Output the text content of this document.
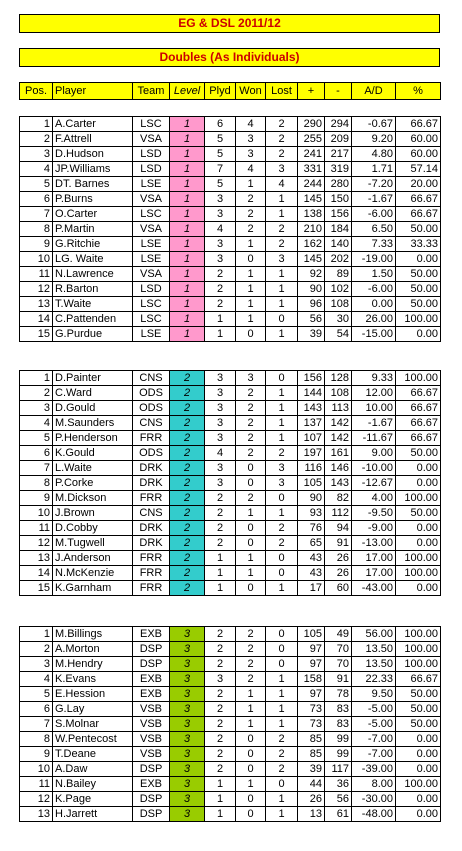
EG & DSL 2011/12
Doubles (As Individuals)
Pos.	Player	Team	Level	Plyd	Won	Lost	+	-	A/D	%
1	A.Carter	LSC	1	6	4	2	290	294	-0.67	66.67
2	F.Attrell	VSA	1	5	3	2	255	209	9.20	60.00
3	D.Hudson	LSD	1	5	3	2	241	217	4.80	60.00
4	JP.Williams	LSD	1	7	4	3	331	319	1.71	57.14
5	DT. Barnes	LSE	1	5	1	4	244	280	-7.20	20.00
6	P.Burns	VSA	1	3	2	1	145	150	-1.67	66.67
7	O.Carter	LSC	1	3	2	1	138	156	-6.00	66.67
8	P.Martin	VSA	1	4	2	2	210	184	6.50	50.00
9	G.Ritchie	LSE	1	3	1	2	162	140	7.33	33.33
10	LG. Waite	LSE	1	3	0	3	145	202	-19.00	0.00
11	N.Lawrence	VSA	1	2	1	1	92	89	1.50	50.00
12	R.Barton	LSD	1	2	1	1	90	102	-6.00	50.00
13	T.Waite	LSC	1	2	1	1	96	108	0.00	50.00
14	C.Pattenden	LSC	1	1	1	0	56	30	26.00	100.00
15	G.Purdue	LSE	1	1	0	1	39	54	-15.00	0.00
1	D.Painter	CNS	2	3	3	0	156	128	9.33	100.00
2	C.Ward	ODS	2	3	2	1	144	108	12.00	66.67
3	D.Gould	ODS	2	3	2	1	143	113	10.00	66.67
4	M.Saunders	CNS	2	3	2	1	137	142	-1.67	66.67
5	P.Henderson	FRR	2	3	2	1	107	142	-11.67	66.67
6	K.Gould	ODS	2	4	2	2	197	161	9.00	50.00
7	L.Waite	DRK	2	3	0	3	116	146	-10.00	0.00
8	P.Corke	DRK	2	3	0	3	105	143	-12.67	0.00
9	M.Dickson	FRR	2	2	2	0	90	82	4.00	100.00
10	J.Brown	CNS	2	2	1	1	93	112	-9.50	50.00
11	D.Cobby	DRK	2	2	0	2	76	94	-9.00	0.00
12	M.Tugwell	DRK	2	2	0	2	65	91	-13.00	0.00
13	J.Anderson	FRR	2	1	1	0	43	26	17.00	100.00
14	N.McKenzie	FRR	2	1	1	0	43	26	17.00	100.00
15	K.Garnham	FRR	2	1	0	1	17	60	-43.00	0.00
1	M.Billings	EXB	3	2	2	0	105	49	56.00	100.00
2	A.Morton	DSP	3	2	2	0	97	70	13.50	100.00
3	M.Hendry	DSP	3	2	2	0	97	70	13.50	100.00
4	K.Evans	EXB	3	3	2	1	158	91	22.33	66.67
5	E.Hession	EXB	3	2	1	1	97	78	9.50	50.00
6	G.Lay	VSB	3	2	1	1	73	83	-5.00	50.00
7	S.Molnar	VSB	3	2	1	1	73	83	-5.00	50.00
8	W.Pentecost	VSB	3	2	0	2	85	99	-7.00	0.00
9	T.Deane	VSB	3	2	0	2	85	99	-7.00	0.00
10	A.Daw	DSP	3	2	0	2	39	117	-39.00	0.00
11	N.Bailey	EXB	3	1	1	0	44	36	8.00	100.00
12	K.Page	DSP	3	1	0	1	26	56	-30.00	0.00
13	H.Jarrett	DSP	3	1	0	1	13	61	-48.00	0.00
